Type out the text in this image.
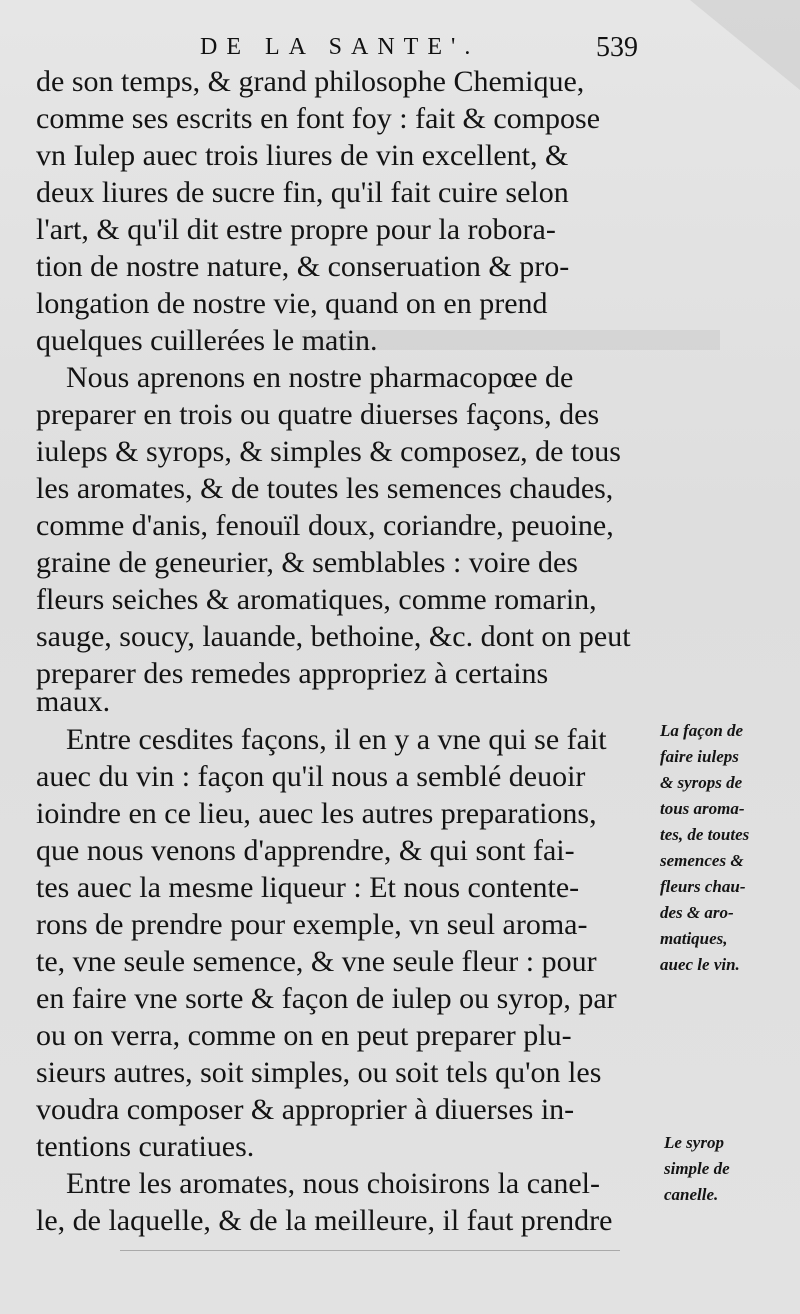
DE LA SANTE'.	539
de son temps, & grand philosophe Chemique,
comme ses escrits en font foy : fait & compose
vn Iulep auec trois liures de vin excellent, &
deux liures de sucre fin, qu'il fait cuire selon
l'art, & qu'il dit estre propre pour la robora-
tion de nostre nature, & conseruation & pro-
longation de nostre vie, quand on en prend
quelques cuillerées le matin.
Nous aprenons en nostre pharmacopœe de
preparer en trois ou quatre diuerses façons, des
iuleps & syrops, & simples & composez, de tous
les aromates, & de toutes les semences chaudes,
comme d'anis, fenouïl doux, coriandre, peuoine,
graine de geneurier, & semblables : voire des
fleurs seiches & aromatiques, comme romarin,
sauge, soucy, lauande, bethoine, &c. dont on peut
preparer des remedes appropriez à certains
maux.
Entre cesdites façons, il en y a vne qui se fait
auec du vin : façon qu'il nous a semblé deuoir
ioindre en ce lieu, auec les autres preparations,
que nous venons d'apprendre, & qui sont fai-
tes auec la mesme liqueur : Et nous contente-
rons de prendre pour exemple, vn seul aroma-
te, vne seule semence, & vne seule fleur : pour
en faire vne sorte & façon de iulep ou syrop, par
ou on verra, comme on en peut preparer plu-
sieurs autres, soit simples, ou soit tels qu'on les
voudra composer & approprier à diuerses in-
tentions curatiues.
Entre les aromates, nous choisirons la canel-
le, de laquelle, & de la meilleure, il faut prendre
La façon de
faire iuleps
& syrops de
tous aroma-
tes, de toutes
semences &
fleurs chau-
des & aro-
matiques,
auec le vin.
Le syrop
simple de
canelle.
